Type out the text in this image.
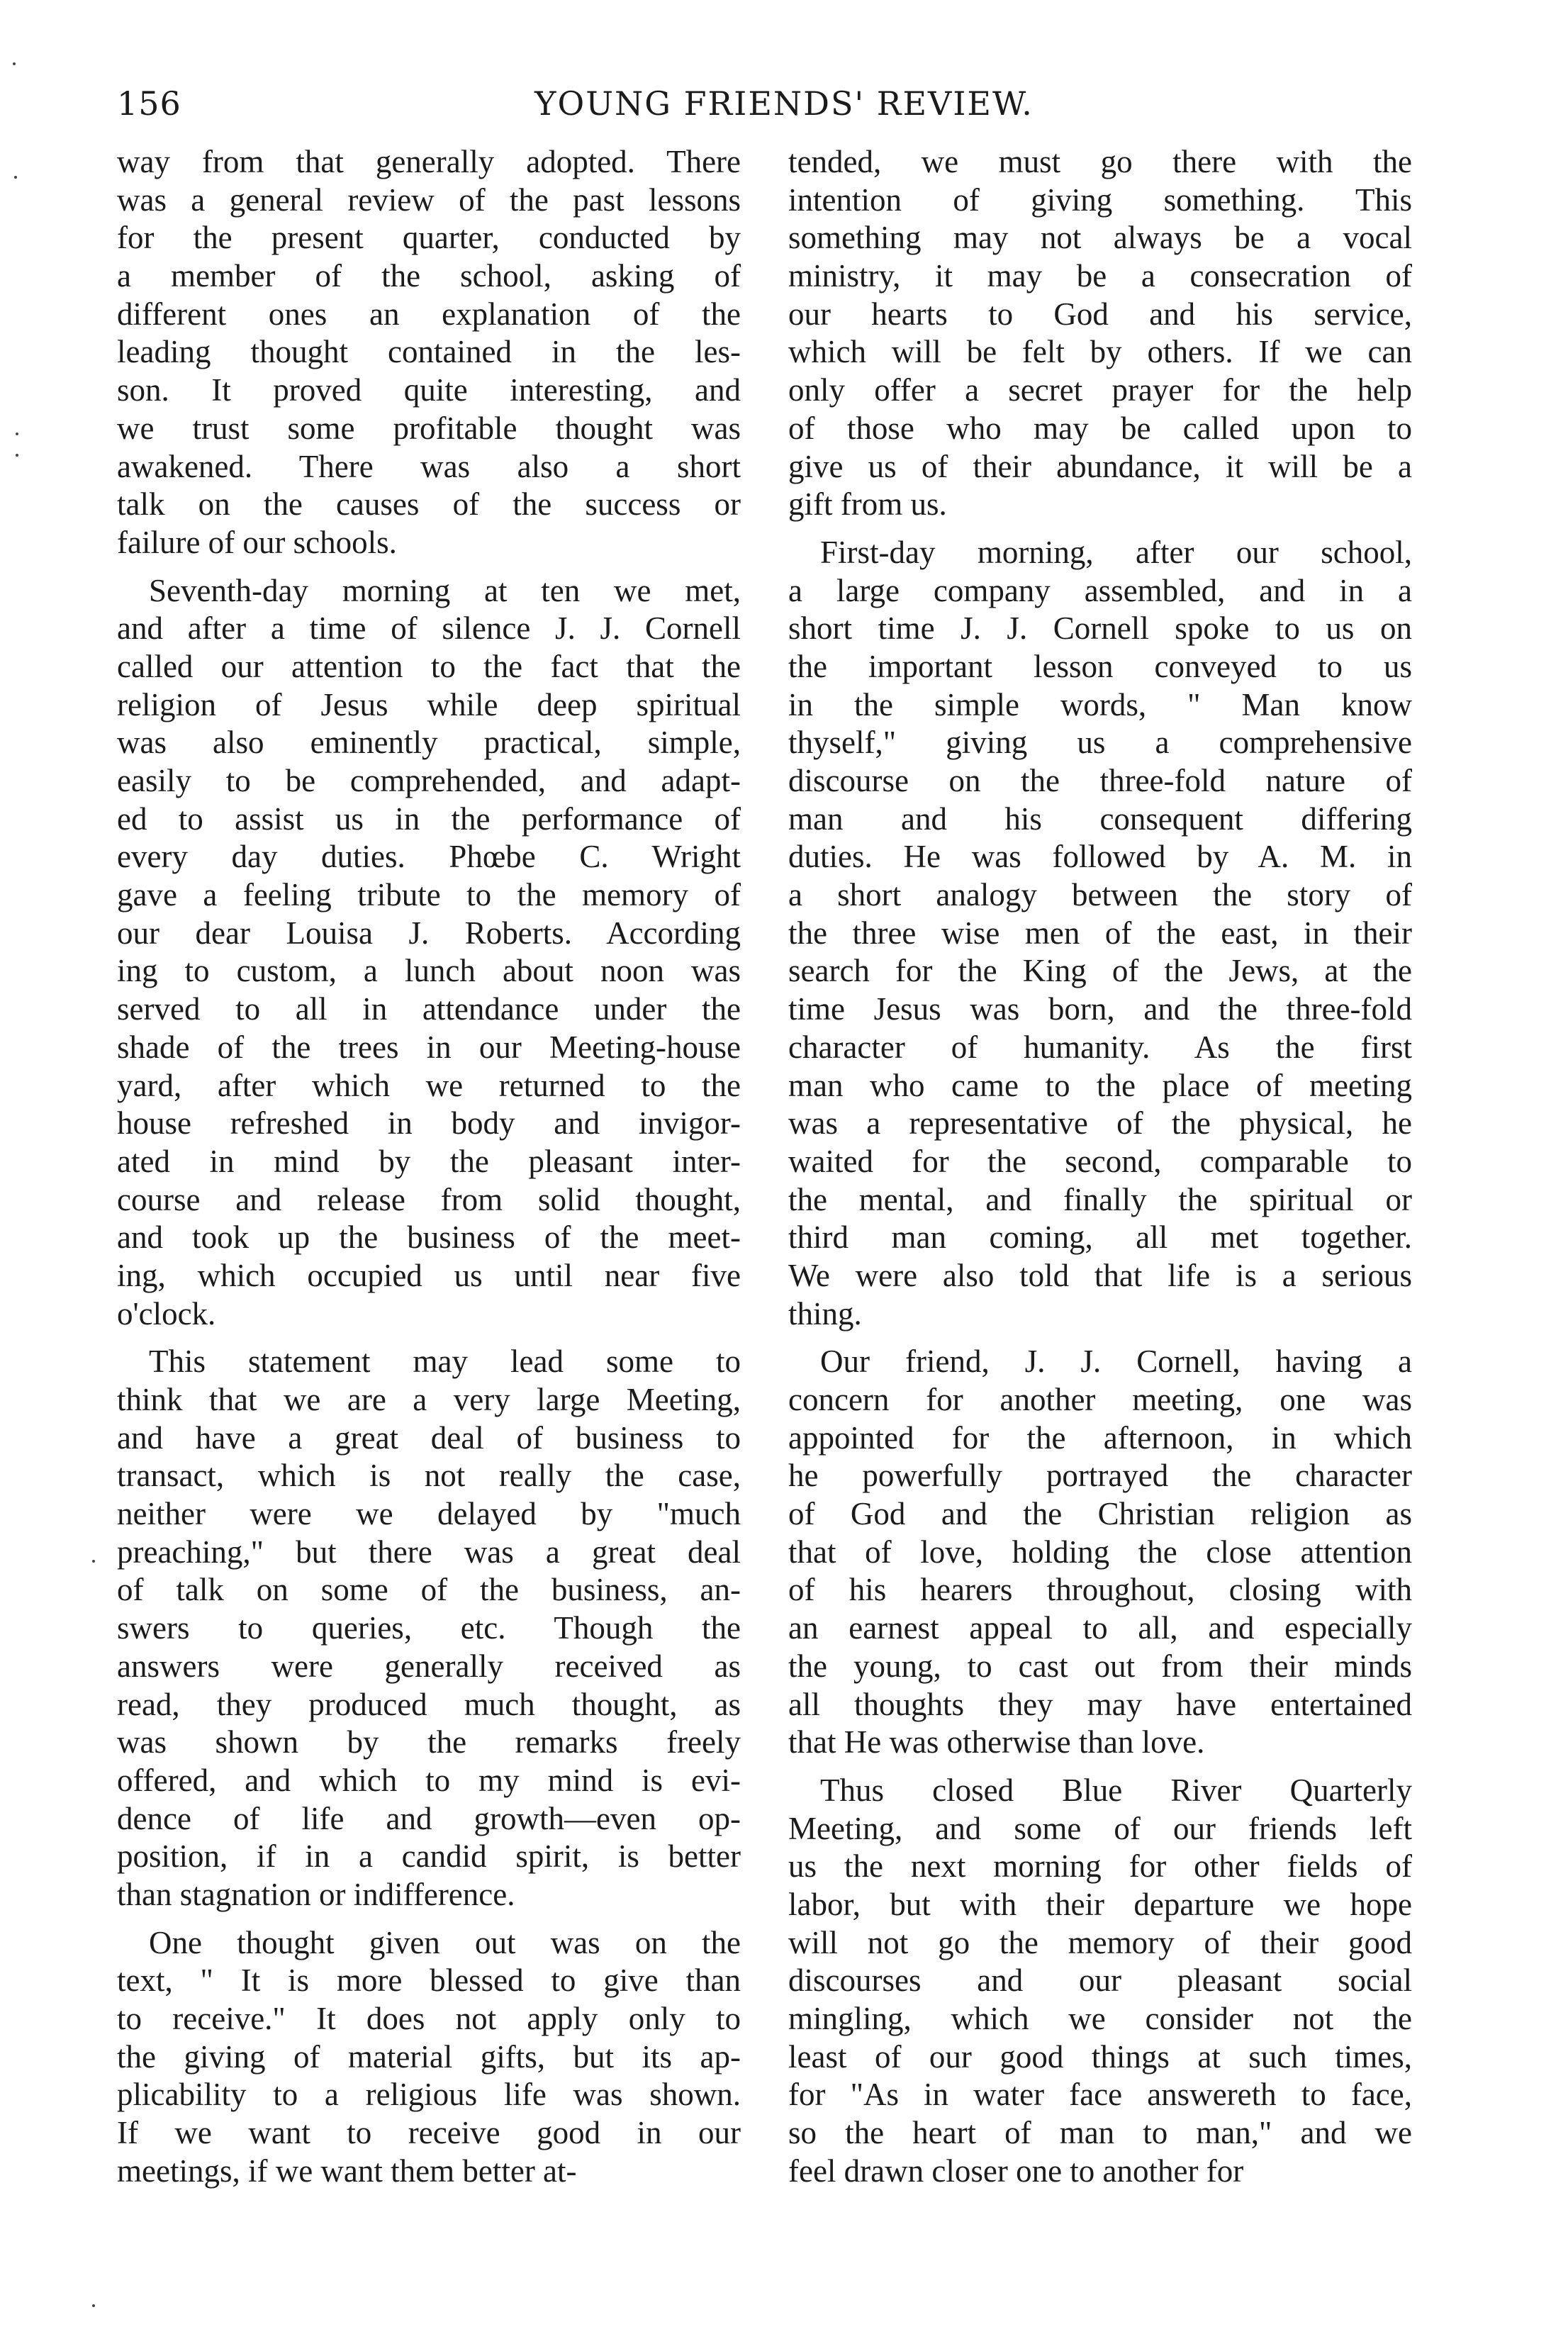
156	YOUNG FRIENDS' REVIEW.
way from that generally adopted. There
was a general review of the past lessons
for the present quarter, conducted by
a member of the school, asking of
different ones an explanation of the
leading thought contained in the les-
son. It proved quite interesting, and
we trust some profitable thought was
awakened. There was also a short
talk on the causes of the success or
failure of our schools.
Seventh-day morning at ten we met,
and after a time of silence J. J. Cornell
called our attention to the fact that the
religion of Jesus while deep spiritual
was also eminently practical, simple,
easily to be comprehended, and adapt-
ed to assist us in the performance of
every day duties. Phœbe C. Wright
gave a feeling tribute to the memory of
our dear Louisa J. Roberts. According
ing to custom, a lunch about noon was
served to all in attendance under the
shade of the trees in our Meeting-house
yard, after which we returned to the
house refreshed in body and invigor-
ated in mind by the pleasant inter-
course and release from solid thought,
and took up the business of the meet-
ing, which occupied us until near five
o'clock.
This statement may lead some to
think that we are a very large Meeting,
and have a great deal of business to
transact, which is not really the case,
neither were we delayed by "much
preaching," but there was a great deal
of talk on some of the business, an-
swers to queries, etc. Though the
answers were generally received as
read, they produced much thought, as
was shown by the remarks freely
offered, and which to my mind is evi-
dence of life and growth—even op-
position, if in a candid spirit, is better
than stagnation or indifference.
One thought given out was on the
text, " It is more blessed to give than
to receive." It does not apply only to
the giving of material gifts, but its ap-
plicability to a religious life was shown.
If we want to receive good in our
meetings, if we want them better at-
tended, we must go there with the
intention of giving something. This
something may not always be a vocal
ministry, it may be a consecration of
our hearts to God and his service,
which will be felt by others. If we can
only offer a secret prayer for the help
of those who may be called upon to
give us of their abundance, it will be a
gift from us.
First-day morning, after our school,
a large company assembled, and in a
short time J. J. Cornell spoke to us on
the important lesson conveyed to us
in the simple words, " Man know
thyself," giving us a comprehensive
discourse on the three-fold nature of
man and his consequent differing
duties. He was followed by A. M. in
a short analogy between the story of
the three wise men of the east, in their
search for the King of the Jews, at the
time Jesus was born, and the three-fold
character of humanity. As the first
man who came to the place of meeting
was a representative of the physical, he
waited for the second, comparable to
the mental, and finally the spiritual or
third man coming, all met together.
We were also told that life is a serious
thing.
Our friend, J. J. Cornell, having a
concern for another meeting, one was
appointed for the afternoon, in which
he powerfully portrayed the character
of God and the Christian religion as
that of love, holding the close attention
of his hearers throughout, closing with
an earnest appeal to all, and especially
the young, to cast out from their minds
all thoughts they may have entertained
that He was otherwise than love.
Thus closed Blue River Quarterly
Meeting, and some of our friends left
us the next morning for other fields of
labor, but with their departure we hope
will not go the memory of their good
discourses and our pleasant social
mingling, which we consider not the
least of our good things at such times,
for "As in water face answereth to face,
so the heart of man to man," and we
feel drawn closer one to another for
